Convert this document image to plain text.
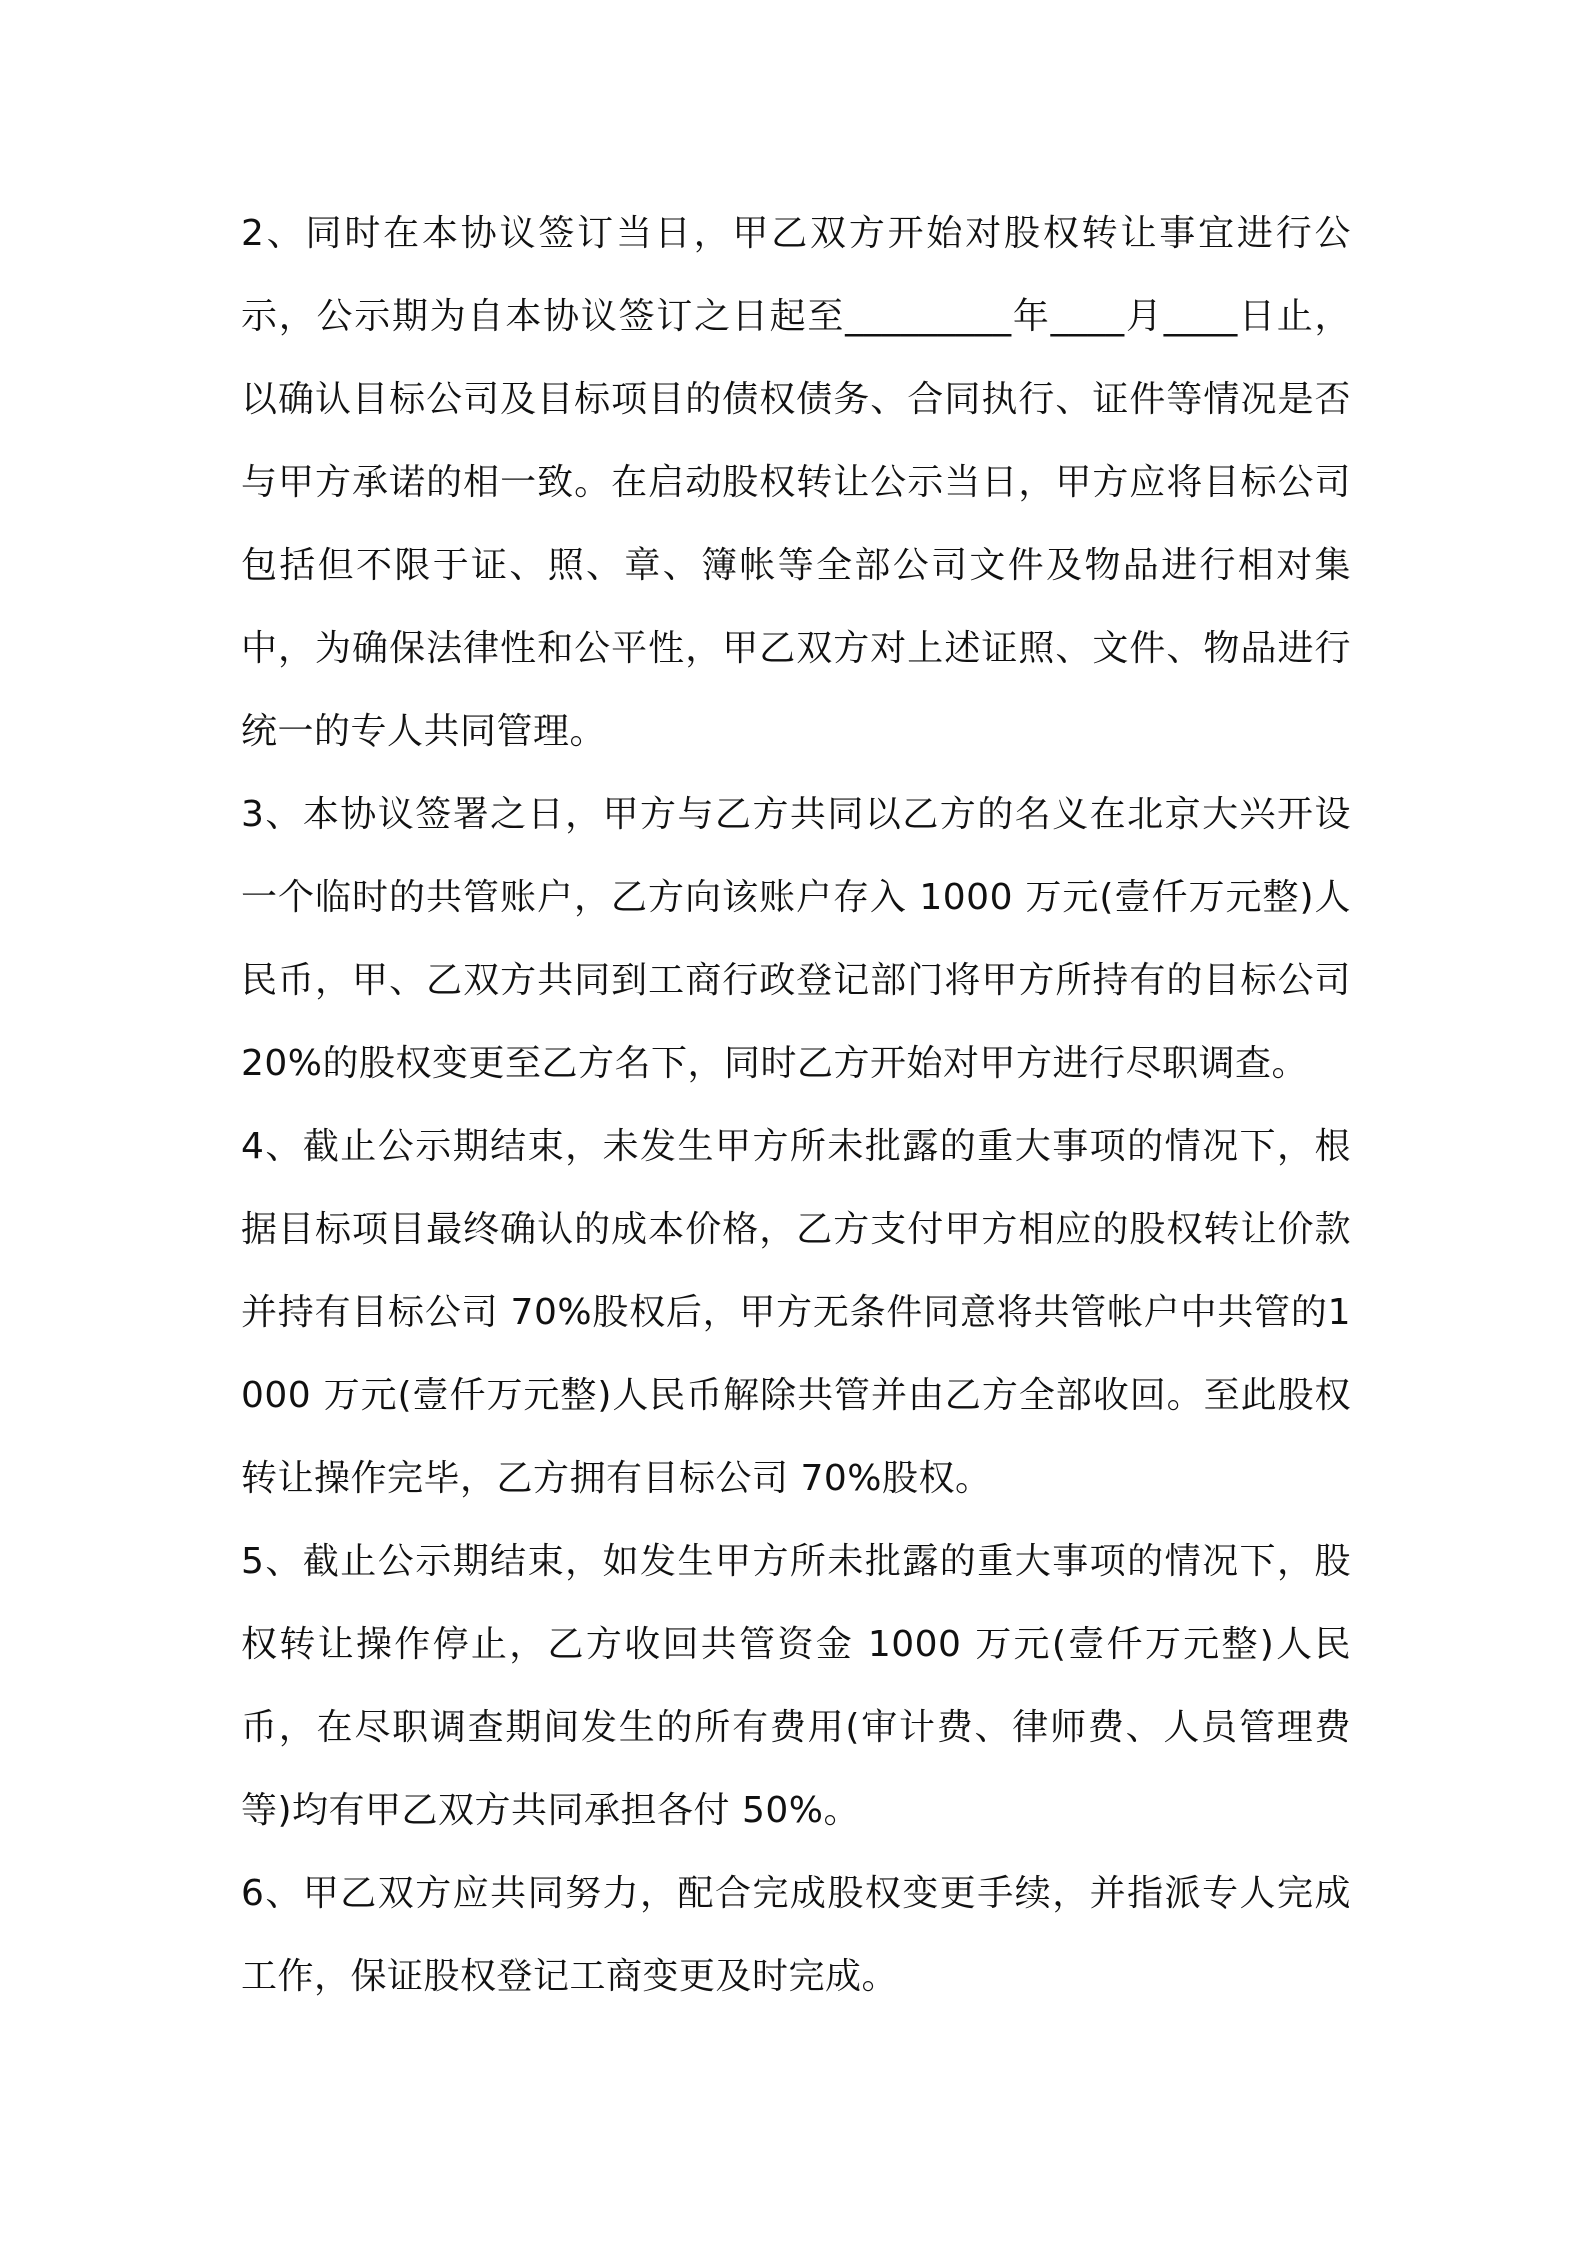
2、同时在本协议签订当日，甲乙双方开始对股权转让事宜进行公示，公示期为自本协议签订之日起至_________年____月____日止，以确认目标公司及目标项目的债权债务、合同执行、证件等情况是否与甲方承诺的相一致。在启动股权转让公示当日，甲方应将目标公司包括但不限于证、照、章、簿帐等全部公司文件及物品进行相对集中，为确保法律性和公平性，甲乙双方对上述证照、文件、物品进行统一的专人共同管理。

3、本协议签署之日，甲方与乙方共同以乙方的名义在北京大兴开设一个临时的共管账户，乙方向该账户存入 1000 万元(壹仟万元整)人民币，甲、乙双方共同到工商行政登记部门将甲方所持有的目标公司20%的股权变更至乙方名下，同时乙方开始对甲方进行尽职调查。

4、截止公示期结束，未发生甲方所未批露的重大事项的情况下，根据目标项目最终确认的成本价格，乙方支付甲方相应的股权转让价款并持有目标公司 70%股权后，甲方无条件同意将共管帐户中共管的1000 万元(壹仟万元整)人民币解除共管并由乙方全部收回。至此股权转让操作完毕，乙方拥有目标公司 70%股权。

5、截止公示期结束，如发生甲方所未批露的重大事项的情况下，股权转让操作停止，乙方收回共管资金 1000 万元(壹仟万元整)人民币，在尽职调查期间发生的所有费用(审计费、律师费、人员管理费等)均有甲乙双方共同承担各付 50%。

6、甲乙双方应共同努力，配合完成股权变更手续，并指派专人完成工作，保证股权登记工商变更及时完成。
